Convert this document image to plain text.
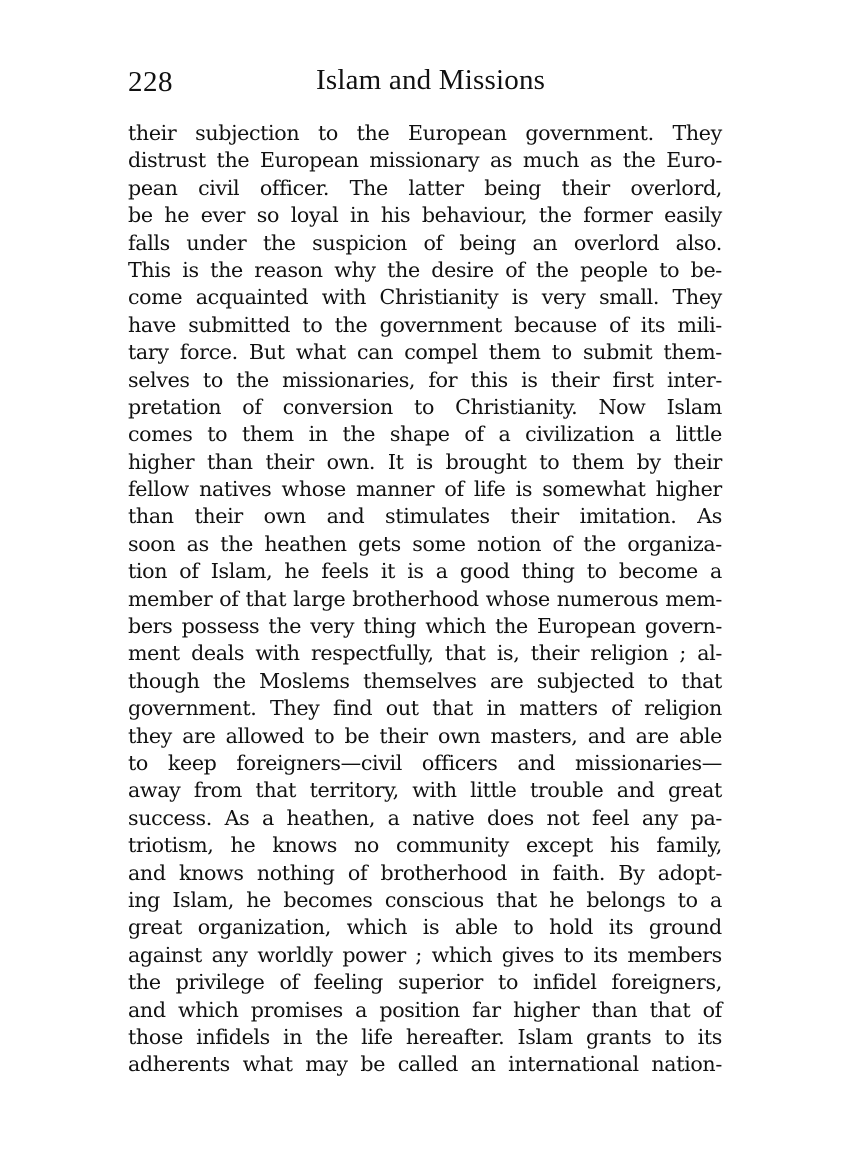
228	Islam and Missions
their subjection to the European government. They
distrust the European missionary as much as the Euro-
pean civil officer. The latter being their overlord,
be he ever so loyal in his behaviour, the former easily
falls under the suspicion of being an overlord also.
This is the reason why the desire of the people to be-
come acquainted with Christianity is very small. They
have submitted to the government because of its mili-
tary force. But what can compel them to submit them-
selves to the missionaries, for this is their first inter-
pretation of conversion to Christianity. Now Islam
comes to them in the shape of a civilization a little
higher than their own. It is brought to them by their
fellow natives whose manner of life is somewhat higher
than their own and stimulates their imitation. As
soon as the heathen gets some notion of the organiza-
tion of Islam, he feels it is a good thing to become a
member of that large brotherhood whose numerous mem-
bers possess the very thing which the European govern-
ment deals with respectfully, that is, their religion ; al-
though the Moslems themselves are subjected to that
government. They find out that in matters of religion
they are allowed to be their own masters, and are able
to keep foreigners—civil officers and missionaries—
away from that territory, with little trouble and great
success. As a heathen, a native does not feel any pa-
triotism, he knows no community except his family,
and knows nothing of brotherhood in faith. By adopt-
ing Islam, he becomes conscious that he belongs to a
great organization, which is able to hold its ground
against any worldly power ; which gives to its members
the privilege of feeling superior to infidel foreigners,
and which promises a position far higher than that of
those infidels in the life hereafter. Islam grants to its
adherents what may be called an international nation-
